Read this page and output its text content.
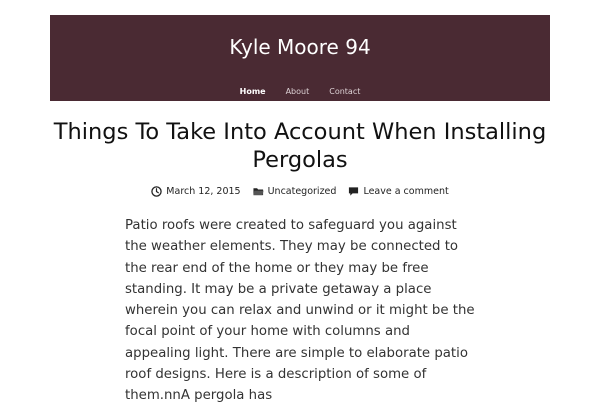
Kyle Moore 94
Home	About	Contact
Things To Take Into Account When Installing Pergolas
March 12, 2015	Uncategorized	Leave a comment

Patio roofs were created to safeguard you against the weather elements. They may be connected to the rear end of the home or they may be free standing. It may be a private getaway a place wherein you can relax and unwind or it might be the focal point of your home with columns and appealing light. There are simple to elaborate patio roof designs. Here is a description of some of them.nnA pergola has
